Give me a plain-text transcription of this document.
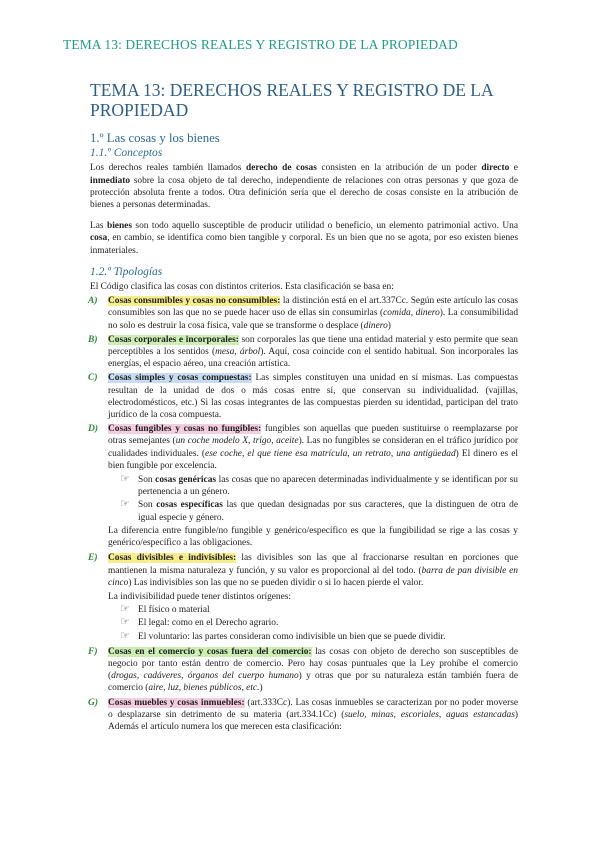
TEMA 13: DERECHOS REALES Y REGISTRO DE LA PROPIEDAD
TEMA 13: DERECHOS REALES Y REGISTRO DE LA PROPIEDAD
1.º Las cosas y los bienes
1.1.º Conceptos

Los derechos reales también llamados derecho de cosas consisten en la atribución de un poder directo e inmediato sobre la cosa objeto de tal derecho, independiente de relaciones con otras personas y que goza de protección absoluta frente a todos. Otra definición sería que el derecho de cosas consiste en la atribución de bienes a personas determinadas.

Las bienes son todo aquello susceptible de producir utilidad o beneficio, un elemento patrimonial activo. Una cosa, en cambio, se identifica como bien tangible y corporal. Es un bien que no se agota, por eso existen bienes inmateriales.

1.2.º Tipologías
El Código clasifica las cosas con distintos criterios. Esta clasificación se basa en:
A) Cosas consumibles y cosas no consumibles: la distinción está en el art.337Cc. Según este artículo las cosas consumibles son las que no se puede hacer uso de ellas sin consumirlas (comida, dinero). La consumibilidad no solo es destruir la cosa física, vale que se transforme o desplace (dinero)
B) Cosas corporales e incorporales: son corporales las que tiene una entidad material y esto permite que sean perceptibles a los sentidos (mesa, árbol). Aquí, cosa coincide con el sentido habitual. Son incorporales las energías, el espacio aéreo, una creación artística.
C) Cosas simples y cosas compuestas: Las simples constituyen una unidad en sí mismas. Las compuestas resultan de la unidad de dos o más cosas entre sí, que conservan su individualidad. (vajillas, electrodomésticos, etc.) Si las cosas integrantes de las compuestas pierden su identidad, participan del trato jurídico de la cosa compuesta.
D) Cosas fungibles y cosas no fungibles: fungibles son aquellas que pueden sustituirse o reemplazarse por otras semejantes (un coche modelo X, trigo, aceite). Las no fungibles se consideran en el tráfico jurídico por cualidades individuales. (ese coche, el que tiene esa matrícula, un retrato, una antigüedad) El dinero es el bien fungible por excelencia.
☞ Son cosas genéricas las cosas que no aparecen determinadas individualmente y se identifican por su pertenencia a un género.
☞ Son cosas específicas las que quedan designadas por sus caracteres, que la distinguen de otra de igual especie y género.
La diferencia entre fungible/no fungible y genérico/específico es que la fungibilidad se rige a las cosas y genérico/específico a las obligaciones.
E) Cosas divisibles e indivisibles: las divisibles son las que al fraccionarse resultan en porciones que mantienen la misma naturaleza y función, y su valor es proporcional al del todo. (barra de pan divisible en cinco) Las indivisibles son las que no se pueden dividir o si lo hacen pierde el valor.
La indivisibilidad puede tener distintos orígenes:
☞ El físico o material
☞ El legal: como en el Derecho agrario.
☞ El voluntario: las partes consideran como indivisible un bien que se puede dividir.
F) Cosas en el comercio y cosas fuera del comercio: las cosas con objeto de derecho son susceptibles de negocio por tanto están dentro de comercio. Pero hay cosas puntuales que la Ley prohíbe el comercio (drogas, cadáveres, órganos del cuerpo humano) y otras que por su naturaleza están también fuera de comercio (aire, luz, bienes públicos, etc.)
G) Cosas muebles y cosas inmuebles: (art.333Cc). Las cosas inmuebles se caracterizan por no poder moverse o desplazarse sin detrimento de su materia (art.334.1Cc) (suelo, minas, escoriales, aguas estancadas) Además el artículo numera los que merecen esta clasificación:
